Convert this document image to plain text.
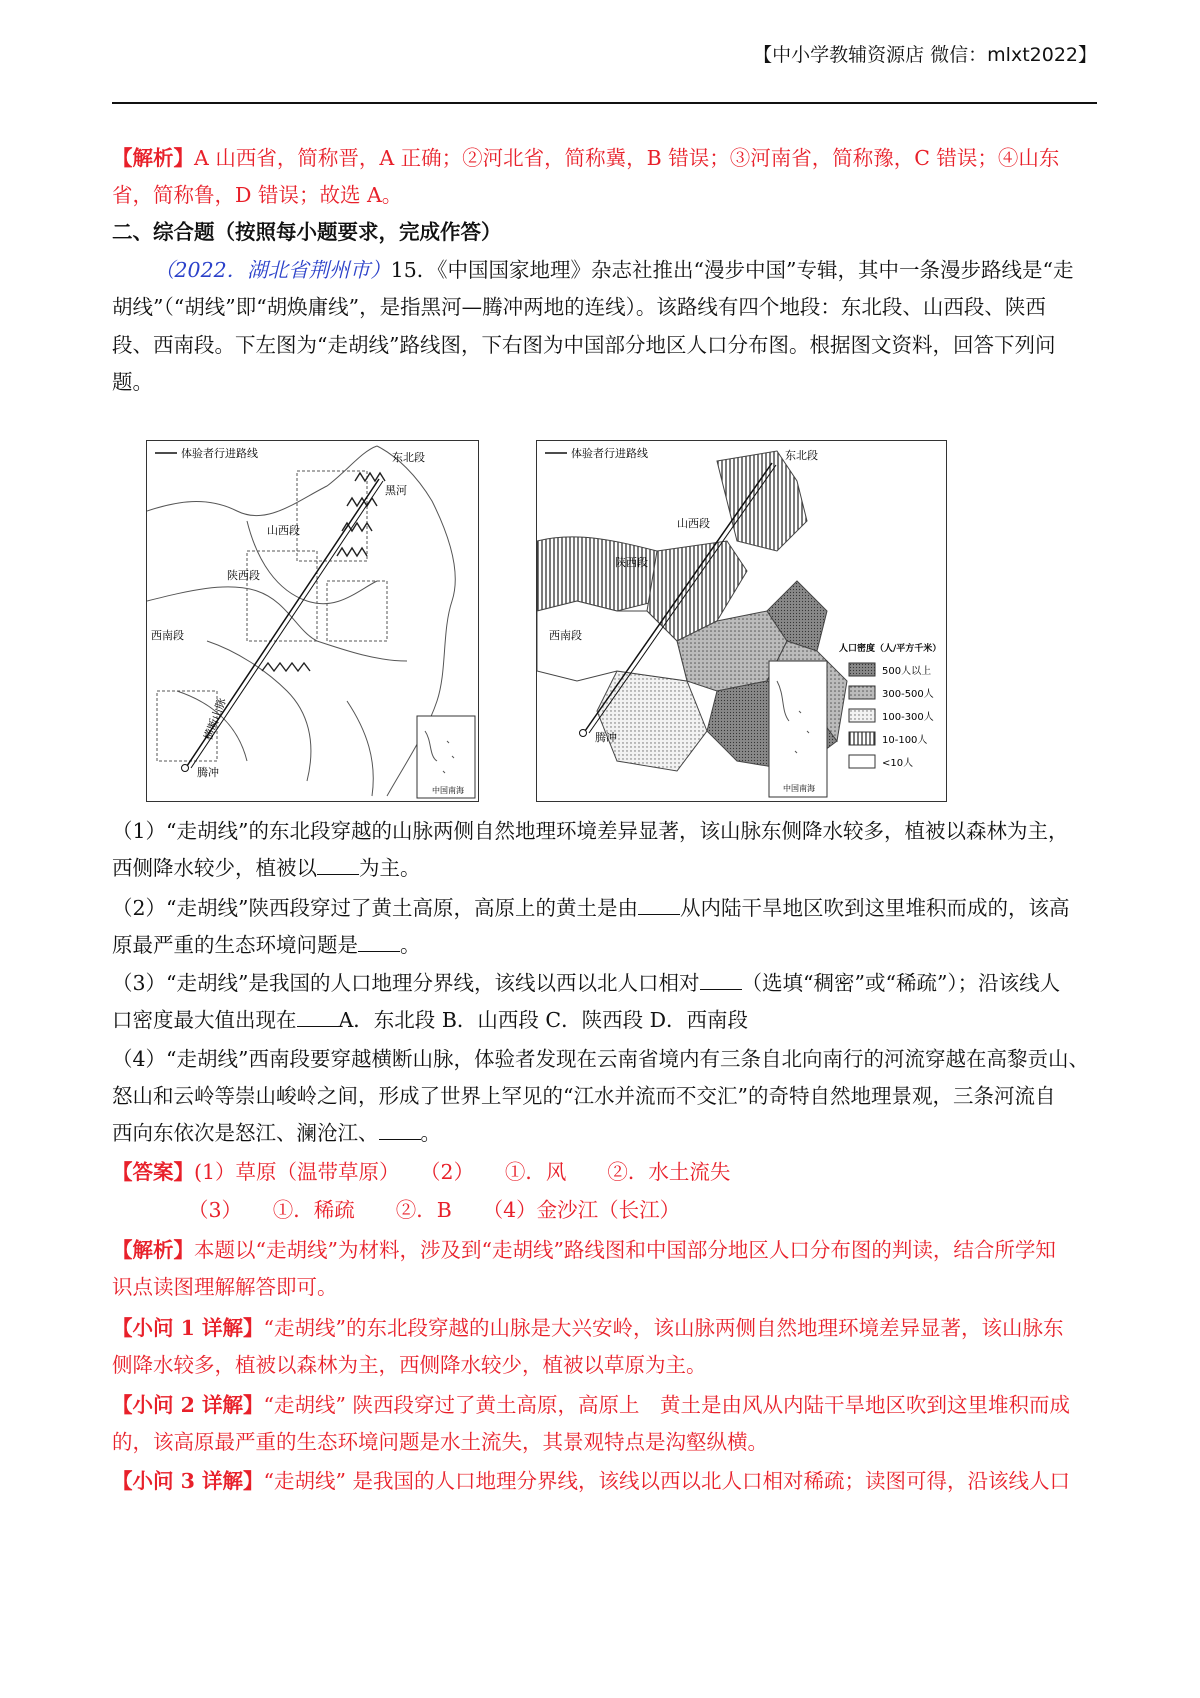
【中小学教辅资源店 微信：mlxt2022】
【解析】A 山西省，简称晋，A 正确；②河北省，简称冀，B 错误；③河南省，简称豫，C 错误；④山东
省，简称鲁，D 错误；故选 A。
二、综合题（按照每小题要求，完成作答）
（2022．湖北省荆州市）15．《中国国家地理》杂志社推出“漫步中国”专辑，其中一条漫步路线是“走
胡线”（“胡线”即“胡焕庸线”，是指黑河—腾冲两地的连线）。该路线有四个地段：东北段、山西段、陕西
段、西南段。下左图为“走胡线”路线图，下右图为中国部分地区人口分布图。根据图文资料，回答下列问
题。
体验者行进路线	东北段
黑河
山西段
陕西段
西南段
腾冲
横断山脉
中国南海
体验者行进路线	东北段
山西段
陕西段
西南段
腾冲
人口密度（人/平方千米）
500人以上
300-500人
100-300人
10-100人
<10人
中国南海
（1）“走胡线”的东北段穿越的山脉两侧自然地理环境差异显著，该山脉东侧降水较多，植被以森林为主，
西侧降水较少，植被以 为主。
（2）“走胡线”陕西段穿过了黄土高原，高原上的黄土是由 从内陆干旱地区吹到这里堆积而成的，该高
原最严重的生态环境问题是 。
（3）“走胡线”是我国的人口地理分界线，该线以西以北人口相对 （选填“稠密”或“稀疏”）；沿该线人
口密度最大值出现在 A．东北段 B．山西段 C．陕西段 D．西南段
（4）“走胡线”西南段要穿越横断山脉，体验者发现在云南省境内有三条自北向南行的河流穿越在高黎贡山、
怒山和云岭等崇山峻岭之间，形成了世界上罕见的“江水并流而不交汇”的奇特自然地理景观，三条河流自
西向东依次是怒江、澜沧江、 。
【答案】(1）草原（温带草原）　　（2）　　①．风　　②．水土流失
（3）　　①．稀疏　　②．B　　（4）金沙江（长江）
【解析】本题以“走胡线”为材料，涉及到“走胡线”路线图和中国部分地区人口分布图的判读，结合所学知
识点读图理解解答即可。
【小问 1 详解】“走胡线”的东北段穿越的山脉是大兴安岭，该山脉两侧自然地理环境差异显著，该山脉东
侧降水较多，植被以森林为主，西侧降水较少，植被以草原为主。
【小问 2 详解】“走胡线” 陕西段穿过了黄土高原，高原上　黄土是由风从内陆干旱地区吹到这里堆积而成
的，该高原最严重的生态环境问题是水土流失，其景观特点是沟壑纵横。
【小问 3 详解】“走胡线” 是我国的人口地理分界线，该线以西以北人口相对稀疏；读图可得，沿该线人口
